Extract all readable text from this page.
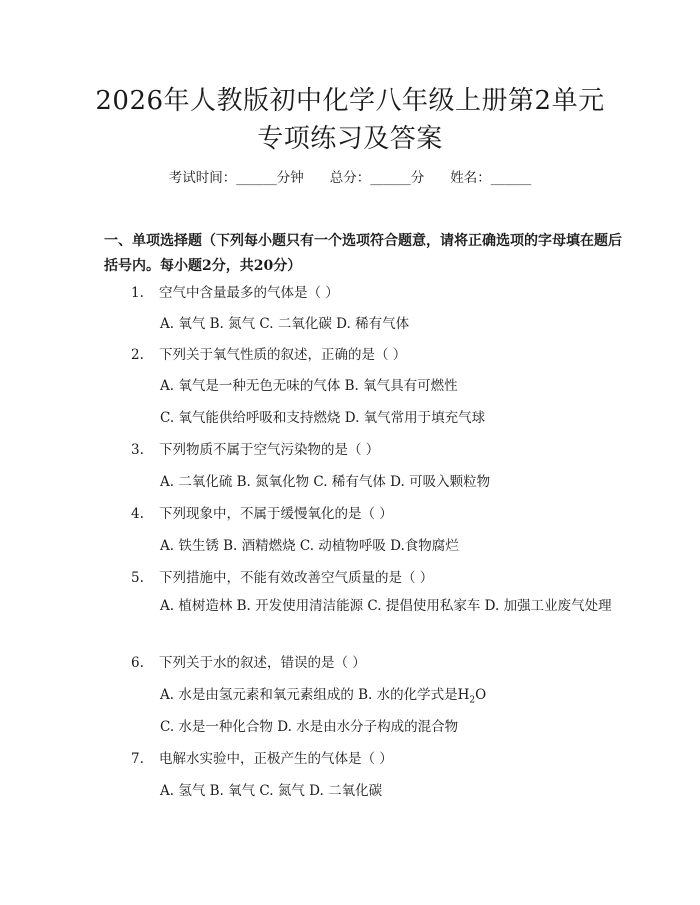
2026年人教版初中化学八年级上册第2单元
专项练习及答案
考试时间：______分钟 总分：______分 姓名：______
一、单项选择题（下列每小题只有一个选项符合题意，请将正确选项的字母填在题后括号内。每小题2分，共20分）
1. 空气中含量最多的气体是（ ）
A. 氧气 B. 氮气 C. 二氧化碳 D. 稀有气体
2. 下列关于氧气性质的叙述，正确的是（ ）
A. 氧气是一种无色无味的气体 B. 氧气具有可燃性
C. 氧气能供给呼吸和支持燃烧 D. 氧气常用于填充气球
3. 下列物质不属于空气污染物的是（ ）
A. 二氧化硫 B. 氮氧化物 C. 稀有气体 D. 可吸入颗粒物
4. 下列现象中，不属于缓慢氧化的是（ ）
A. 铁生锈 B. 酒精燃烧 C. 动植物呼吸 D.食物腐烂
5. 下列措施中，不能有效改善空气质量的是（ ）
A. 植树造林 B. 开发使用清洁能源 C. 提倡使用私家车 D. 加强工业废气处理
6. 下列关于水的叙述，错误的是（ ）
A. 水是由氢元素和氧元素组成的 B. 水的化学式是$H_2O$
C. 水是一种化合物 D. 水是由水分子构成的混合物
7. 电解水实验中，正极产生的气体是（ ）
A. 氢气 B. 氧气 C. 氮气 D. 二氧化碳
